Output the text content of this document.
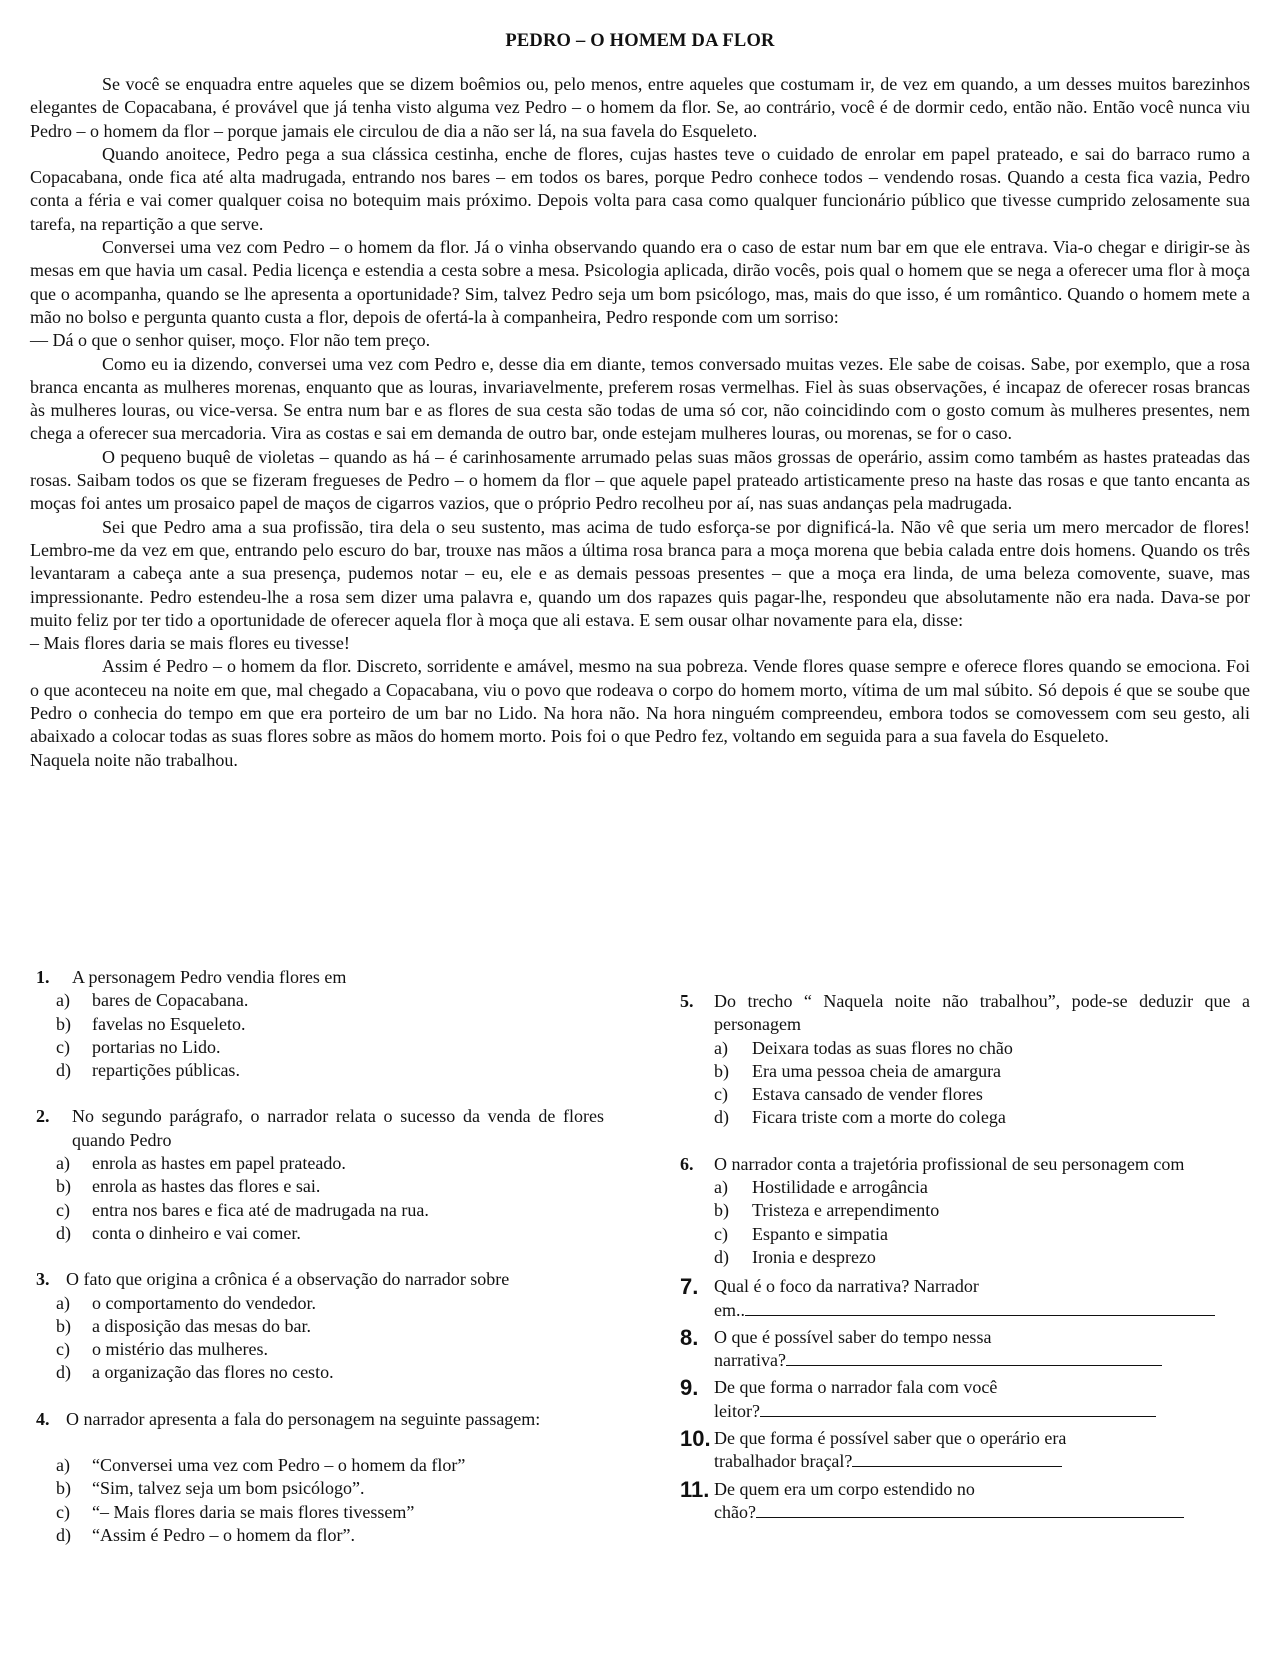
PEDRO – O HOMEM DA FLOR

Se você se enquadra entre aqueles que se dizem boêmios ou, pelo menos, entre aqueles que costumam ir, de vez em quando, a um desses muitos barezinhos elegantes de Copacabana, é provável que já tenha visto alguma vez Pedro – o homem da flor. Se, ao contrário, você é de dormir cedo, então não. Então você nunca viu Pedro – o homem da flor – porque jamais ele circulou de dia a não ser lá, na sua favela do Esqueleto.

Quando anoitece, Pedro pega a sua clássica cestinha, enche de flores, cujas hastes teve o cuidado de enrolar em papel prateado, e sai do barraco rumo a Copacabana, onde fica até alta madrugada, entrando nos bares – em todos os bares, porque Pedro conhece todos – vendendo rosas. Quando a cesta fica vazia, Pedro conta a féria e vai comer qualquer coisa no botequim mais próximo. Depois volta para casa como qualquer funcionário público que tivesse cumprido zelosamente sua tarefa, na repartição a que serve.

Conversei uma vez com Pedro – o homem da flor. Já o vinha observando quando era o caso de estar num bar em que ele entrava. Via-o chegar e dirigir-se às mesas em que havia um casal. Pedia licença e estendia a cesta sobre a mesa. Psicologia aplicada, dirão vocês, pois qual o homem que se nega a oferecer uma flor à moça que o acompanha, quando se lhe apresenta a oportunidade? Sim, talvez Pedro seja um bom psicólogo, mas, mais do que isso, é um romântico. Quando o homem mete a mão no bolso e pergunta quanto custa a flor, depois de ofertá-la à companheira, Pedro responde com um sorriso:

— Dá o que o senhor quiser, moço. Flor não tem preço.

Como eu ia dizendo, conversei uma vez com Pedro e, desse dia em diante, temos conversado muitas vezes. Ele sabe de coisas. Sabe, por exemplo, que a rosa branca encanta as mulheres morenas, enquanto que as louras, invariavelmente, preferem rosas vermelhas. Fiel às suas observações, é incapaz de oferecer rosas brancas às mulheres louras, ou vice-versa. Se entra num bar e as flores de sua cesta são todas de uma só cor, não coincidindo com o gosto comum às mulheres presentes, nem chega a oferecer sua mercadoria. Vira as costas e sai em demanda de outro bar, onde estejam mulheres louras, ou morenas, se for o caso.

O pequeno buquê de violetas – quando as há – é carinhosamente arrumado pelas suas mãos grossas de operário, assim como também as hastes prateadas das rosas. Saibam todos os que se fizeram fregueses de Pedro – o homem da flor – que aquele papel prateado artisticamente preso na haste das rosas e que tanto encanta as moças foi antes um prosaico papel de maços de cigarros vazios, que o próprio Pedro recolheu por aí, nas suas andanças pela madrugada.

Sei que Pedro ama a sua profissão, tira dela o seu sustento, mas acima de tudo esforça-se por dignificá-la. Não vê que seria um mero mercador de flores! Lembro-me da vez em que, entrando pelo escuro do bar, trouxe nas mãos a última rosa branca para a moça morena que bebia calada entre dois homens. Quando os três levantaram a cabeça ante a sua presença, pudemos notar – eu, ele e as demais pessoas presentes – que a moça era linda, de uma beleza comovente, suave, mas impressionante. Pedro estendeu-lhe a rosa sem dizer uma palavra e, quando um dos rapazes quis pagar-lhe, respondeu que absolutamente não era nada. Dava-se por muito feliz por ter tido a oportunidade de oferecer aquela flor à moça que ali estava. E sem ousar olhar novamente para ela, disse:

– Mais flores daria se mais flores eu tivesse!

Assim é Pedro – o homem da flor. Discreto, sorridente e amável, mesmo na sua pobreza. Vende flores quase sempre e oferece flores quando se emociona. Foi o que aconteceu na noite em que, mal chegado a Copacabana, viu o povo que rodeava o corpo do homem morto, vítima de um mal súbito. Só depois é que se soube que Pedro o conhecia do tempo em que era porteiro de um bar no Lido. Na hora não. Na hora ninguém compreendeu, embora todos se comovessem com seu gesto, ali abaixado a colocar todas as suas flores sobre as mãos do homem morto. Pois foi o que Pedro fez, voltando em seguida para a sua favela do Esqueleto.

Naquela noite não trabalhou.

1.	A personagem Pedro vendia flores em
a)	bares de Copacabana.
b)	favelas no Esqueleto.
c)	portarias no Lido.
d)	repartições públicas.
2.	No segundo parágrafo, o narrador relata o sucesso da venda de flores quando Pedro
a)	enrola as hastes em papel prateado.
b)	enrola as hastes das flores e sai.
c)	entra nos bares e fica até de madrugada na rua.
d)	conta o dinheiro e vai comer.
3. O fato que origina a crônica é a observação do narrador sobre
a)	o comportamento do vendedor.
b)	a disposição das mesas do bar.
c)	o mistério das mulheres.
d)	a organização das flores no cesto.
4. O narrador apresenta a fala do personagem na seguinte passagem:
a)	“Conversei uma vez com Pedro – o homem da flor”
b)	“Sim, talvez seja um bom psicólogo”.
c)	“– Mais flores daria se mais flores tivessem”
d)	“Assim é Pedro – o homem da flor”.
5.	Do trecho “ Naquela noite não trabalhou”, pode-se deduzir que a personagem
a)	Deixara todas as suas flores no chão
b)	Era uma pessoa cheia de amargura
c)	Estava cansado de vender flores
d)	Ficara triste com a morte do colega
6.	O narrador conta a trajetória profissional de seu personagem com
a)	Hostilidade e arrogância
b)	Tristeza e arrependimento
c)	Espanto e simpatia
d)	Ironia e desprezo
7. Qual é o foco da narrativa? Narrador
em..
8. O que é possível saber do tempo nessa
narrativa?
9. De que forma o narrador fala com você
leitor?
10. De que forma é possível saber que o operário era
trabalhador braçal?
11. De quem era um corpo estendido no
chão?
